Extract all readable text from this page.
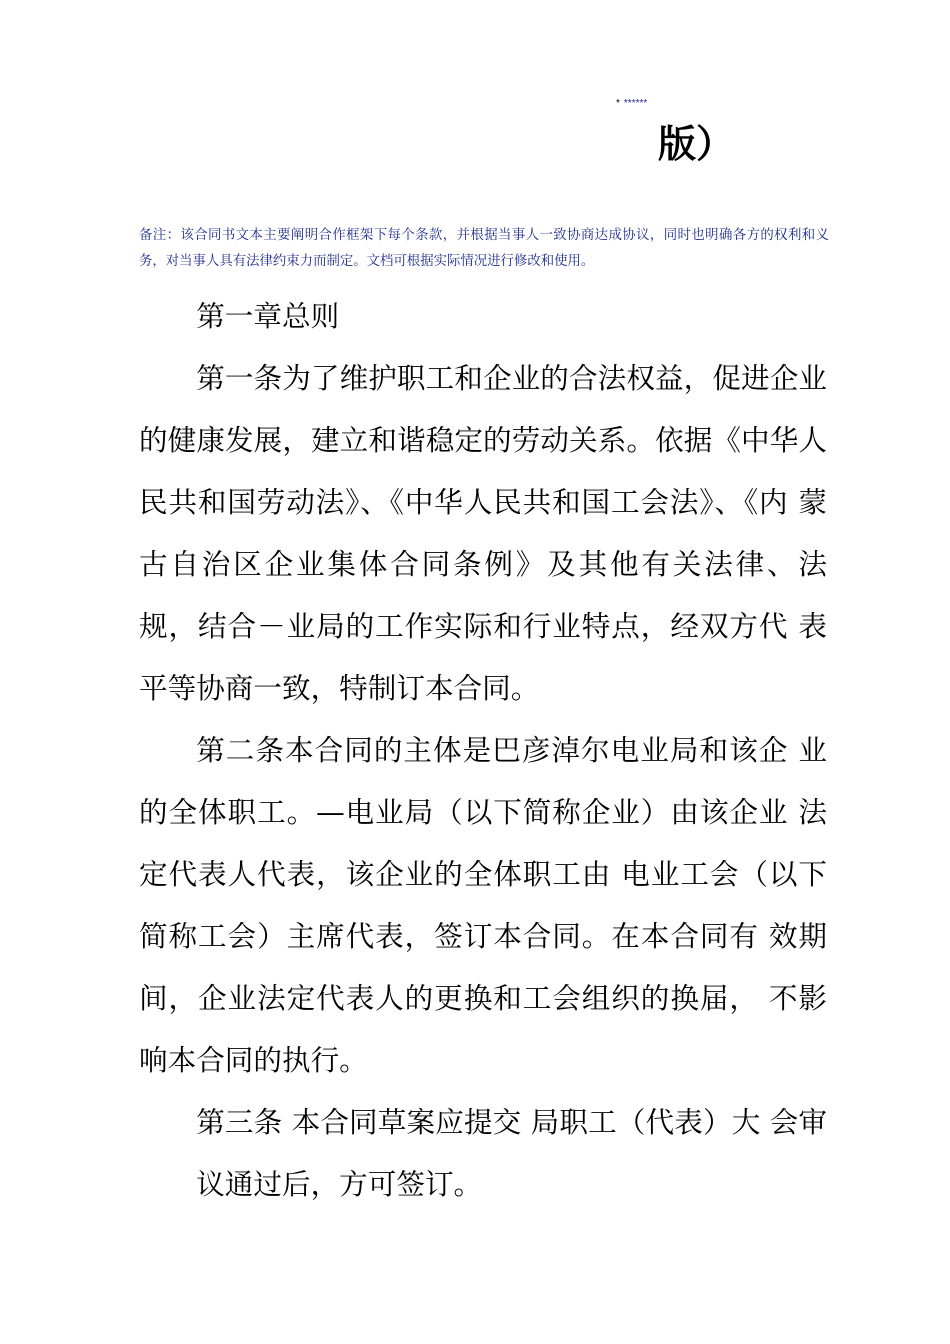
* ******
版）
备注：该合同书文本主要阐明合作框架下每个条款，并根据当事人一致协商达成协议，同时也明确各方的权利和义务，对当事人具有法律约束力而制定。文档可根据实际情况进行修改和使用。

第一章总则

第一条为了维护职工和企业的合法权益，促进企业的健康发展，建立和谐稳定的劳动关系。依据《中华人民共和国劳动法》、《中华人民共和国工会法》、《内 蒙古自治区企业集体合同条例》及其他有关法律、法 规，结合－业局的工作实际和行业特点，经双方代 表平等协商一致，特制订本合同。

第二条本合同的主体是巴彦淖尔电业局和该企 业的全体职工。—电业局（以下简称企业）由该企业 法定代表人代表，该企业的全体职工由 电业工会（以下简称工会）主席代表，签订本合同。在本合同有 效期间，企业法定代表人的更换和工会组织的换届， 不影响本合同的执行。

第三条 本合同草案应提交 局职工（代表）大 会审议通过后，方可签订。
